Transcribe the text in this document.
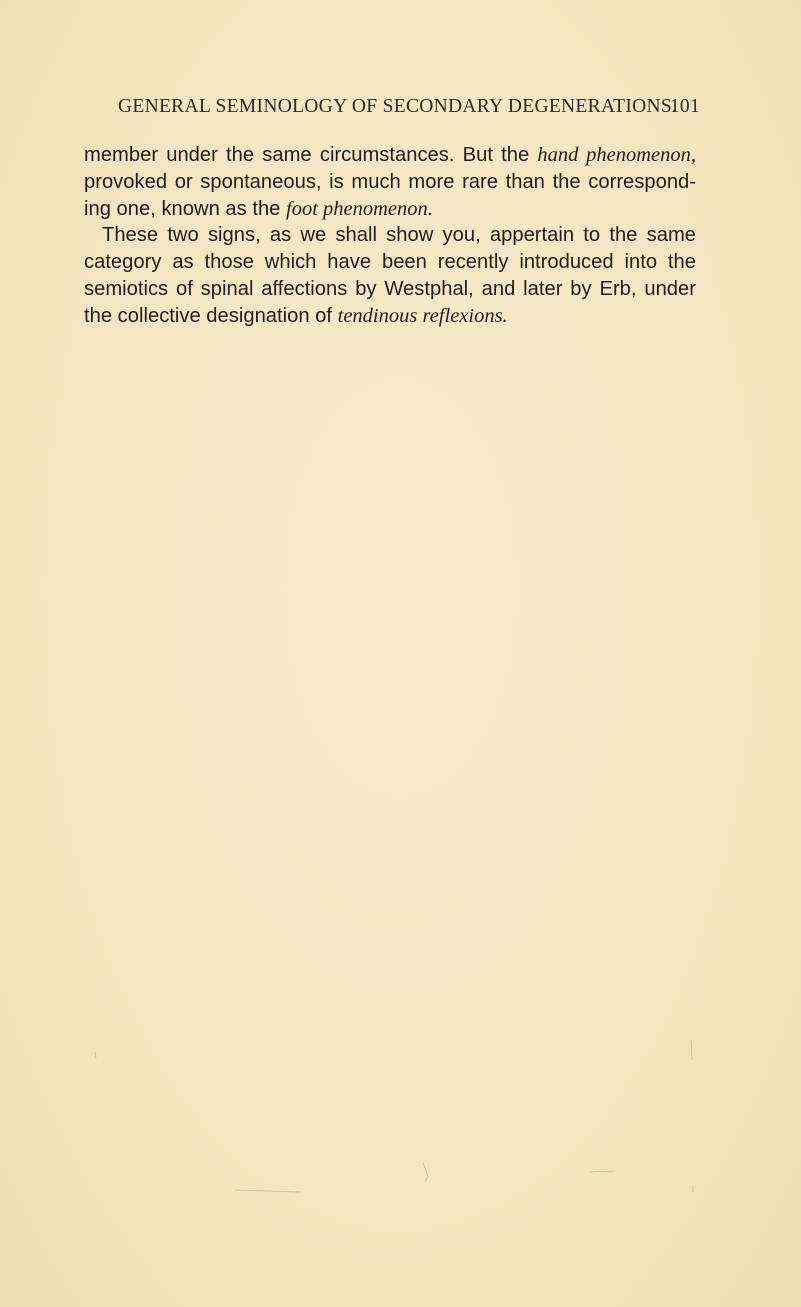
GENERAL SEMINOLOGY OF SECONDARY DEGENERATIONS.
101

member under the same circumstances. But the hand phenomenon, provoked or spontaneous, is much more rare than the correspond- ing one, known as the foot phenomenon.

These two signs, as we shall show you, appertain to the same category as those which have been recently introduced into the semiotics of spinal affections by Westphal, and later by Erb, under the collective designation of tendinous reflexions.
